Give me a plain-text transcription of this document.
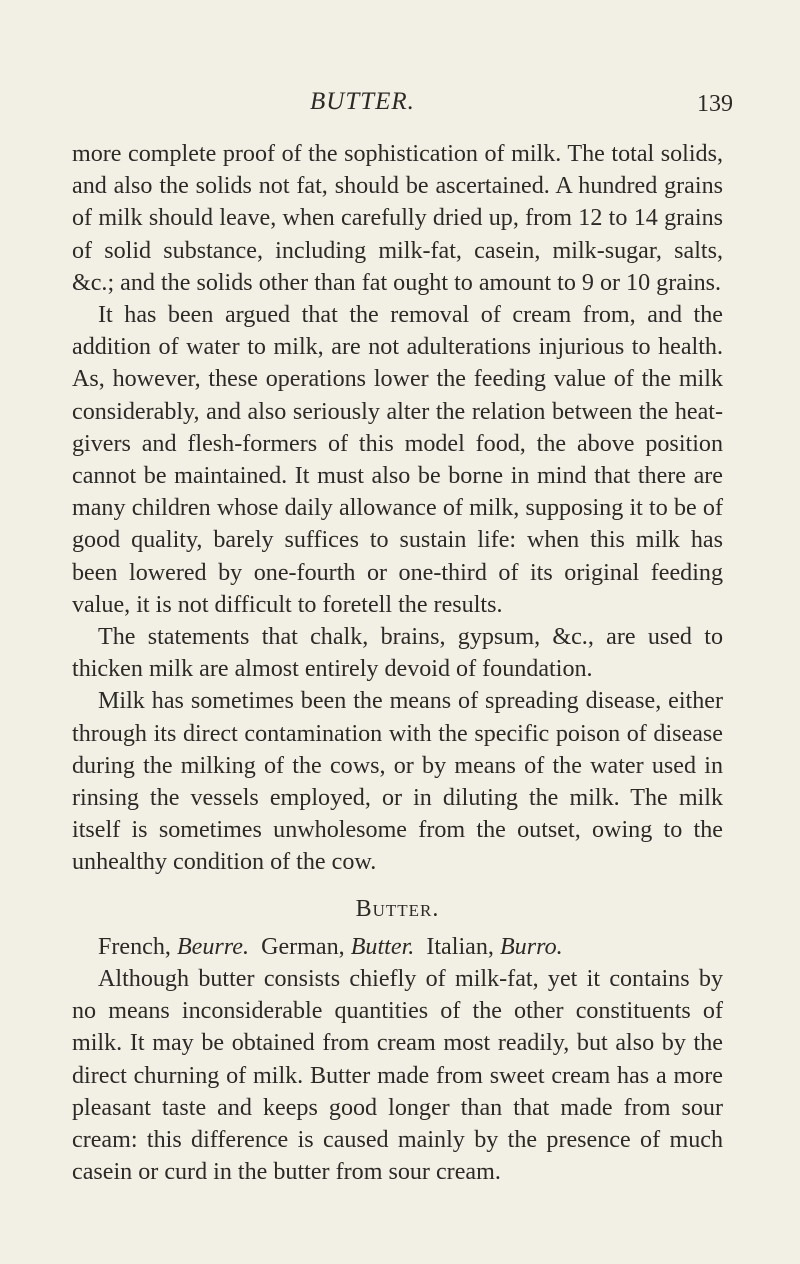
BUTTER.	139

more complete proof of the sophistication of milk. The total solids, and also the solids not fat, should be ascertained. A hundred grains of milk should leave, when carefully dried up, from 12 to 14 grains of solid substance, including milk-fat, casein, milk-sugar, salts, &c.; and the solids other than fat ought to amount to 9 or 10 grains.

It has been argued that the removal of cream from, and the addition of water to milk, are not adulterations injurious to health. As, however, these operations lower the feeding value of the milk considerably, and also seriously alter the relation between the heat-givers and flesh-formers of this model food, the above position cannot be maintained. It must also be borne in mind that there are many children whose daily allowance of milk, supposing it to be of good quality, barely suffices to sustain life: when this milk has been lowered by one-fourth or one-third of its original feeding value, it is not difficult to foretell the results.

The statements that chalk, brains, gypsum, &c., are used to thicken milk are almost entirely devoid of foundation.

Milk has sometimes been the means of spreading disease, either through its direct contamination with the specific poison of disease during the milking of the cows, or by means of the water used in rinsing the vessels employed, or in diluting the milk. The milk itself is sometimes unwholesome from the outset, owing to the unhealthy condition of the cow.

Butter.

French, Beurre. German, Butter. Italian, Burro.

Although butter consists chiefly of milk-fat, yet it contains by no means inconsiderable quantities of the other constituents of milk. It may be obtained from cream most readily, but also by the direct churning of milk. Butter made from sweet cream has a more pleasant taste and keeps good longer than that made from sour cream: this difference is caused mainly by the presence of much casein or curd in the butter from sour cream.
